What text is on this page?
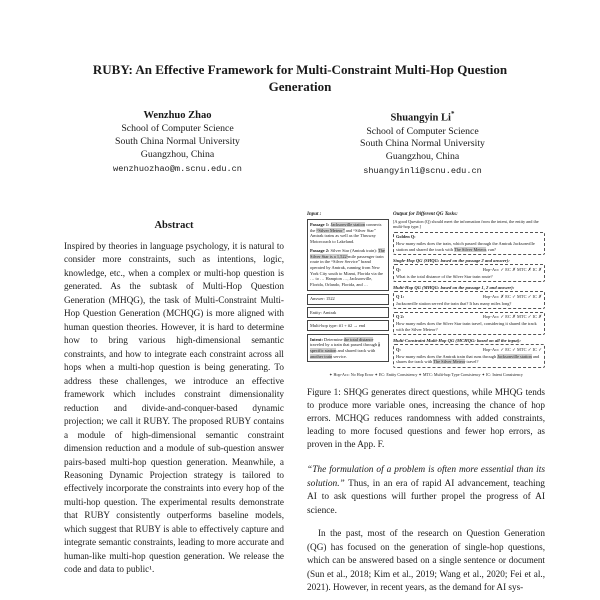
RUBY: An Effective Framework for Multi-Constraint Multi-Hop Question Generation
Wenzhuo Zhao
School of Computer Science
South China Normal University
Guangzhou, China
wenzhuozhao@m.scnu.edu.cn
Shuangyin Li*
School of Computer Science
South China Normal University
Guangzhou, China
shuangyinli@scnu.edu.cn
Abstract
Inspired by theories in language psychology, it is natural to consider more constraints, such as intentions, logic, knowledge, etc., when a complex or multi-hop question is generated. As the subtask of Multi-Hop Question Generation (MHQG), the task of Multi-Constraint Multi-Hop Question Generation (MCHQG) is more aligned with human question theories. However, it is hard to determine how to bring various high-dimensional semantic constraints, and how to integrate each constraint across all hops when a multi-hop question is being generating. To address these challenges, we introduce an effective framework which includes constraint dimensionality reduction and divide-and-conquer-based dynamic projection; we call it RUBY. The proposed RUBY contains a module of high-dimensional semantic constraint dimension reduction and a module of sub-question answer pairs-based multi-hop question generation. Meanwhile, a Reasoning Dynamic Projection strategy is tailored to effectively incorporate the constraints into every hop of the multi-hop question. The experimental results demonstrate that RUBY consistently outperforms baseline models, which suggest that RUBY is able to effectively capture and integrate semantic constraints, leading to more accurate and human-like multi-hop question generation. We release the code and data to public¹.
Input :

Passage 1: Jacksonville station connects the “Silver Meteor” and “Silver Star” Amtrak trains as well as the Thruway Motorcoach to Lakeland.

Passage 2: Silver Star (Amtrak train): The Silver Star is a 1,522-mile passenger train route in the “Silver Service” brand operated by Amtrak, running from New York City south to Miami, Florida via the … to … Hampton …, Jacksonville, Florida, Orlando, Florida, and …

Answer: 1522
Entity: Amtrak
Multi-hop type: #1 + #2 → end
Intent: Determine the total distance traveled by a train that passed through a specific station and shared track with another train service.
Output for Different QG Tasks:
[A good Question (Q) should meet the information from the intent, the entity and the multi-hop type.]
Golden Q:
How many miles does the train, which passed through the Amtrak Jacksonville station and shared the track with The Silver Meteor, run?
Single-Hop QG (SHQG: based on the passage 2 and answer):
Q:	Hop-Acc ✓ EC ✗ MTC ✗ IC ✗
What is the total distance of the Silver Star train route?
Multi-Hop QG (MHQG: based on the passage 1, 2 and answer):
Q 1:	Hop-Acc ✗ EC ✓ MTC ✓ IC ✗
Jacksonville station served the train that? It has many miles long?
Q 2:	Hop-Acc ✓ EC ✗ MTC ✓ IC ✗
How many miles does the Silver Star train travel, considering it shared the track with the Silver Meteor?
Multi-Constraint Multi-Hop QG (MCHQG: based on all the input):
Q:	Hop-Acc ✓ EC ✓ MTC ✓ IC ✓
How many miles does the Amtrak train that runs through Jacksonville station and shares the track with The Silver Meteor travel?
✦ Hop-Acc: No Hop Error ✦ EC: Entity Consistency ✦ MTC: Multi-hop Type Consistency ✦ IC: Intent Consistency
Figure 1: SHQG generates direct questions, while MHQG tends to produce more variable ones, increasing the chance of hop errors. MCHQG reduces randomness with added constraints, leading to more focused questions and fewer hop errors, as proven in the App. F.
“The formulation of a problem is often more essential than its solution.” Thus, in an era of rapid AI advancement, teaching AI to ask questions will further propel the progress of AI science.
In the past, most of the research on Question Generation (QG) has focused on the generation of single-hop questions, which can be answered based on a single sentence or document (Sun et al., 2018; Kim et al., 2019; Wang et al., 2020; Fei et al., 2021). However, in recent years, as the demand for AI sys-
